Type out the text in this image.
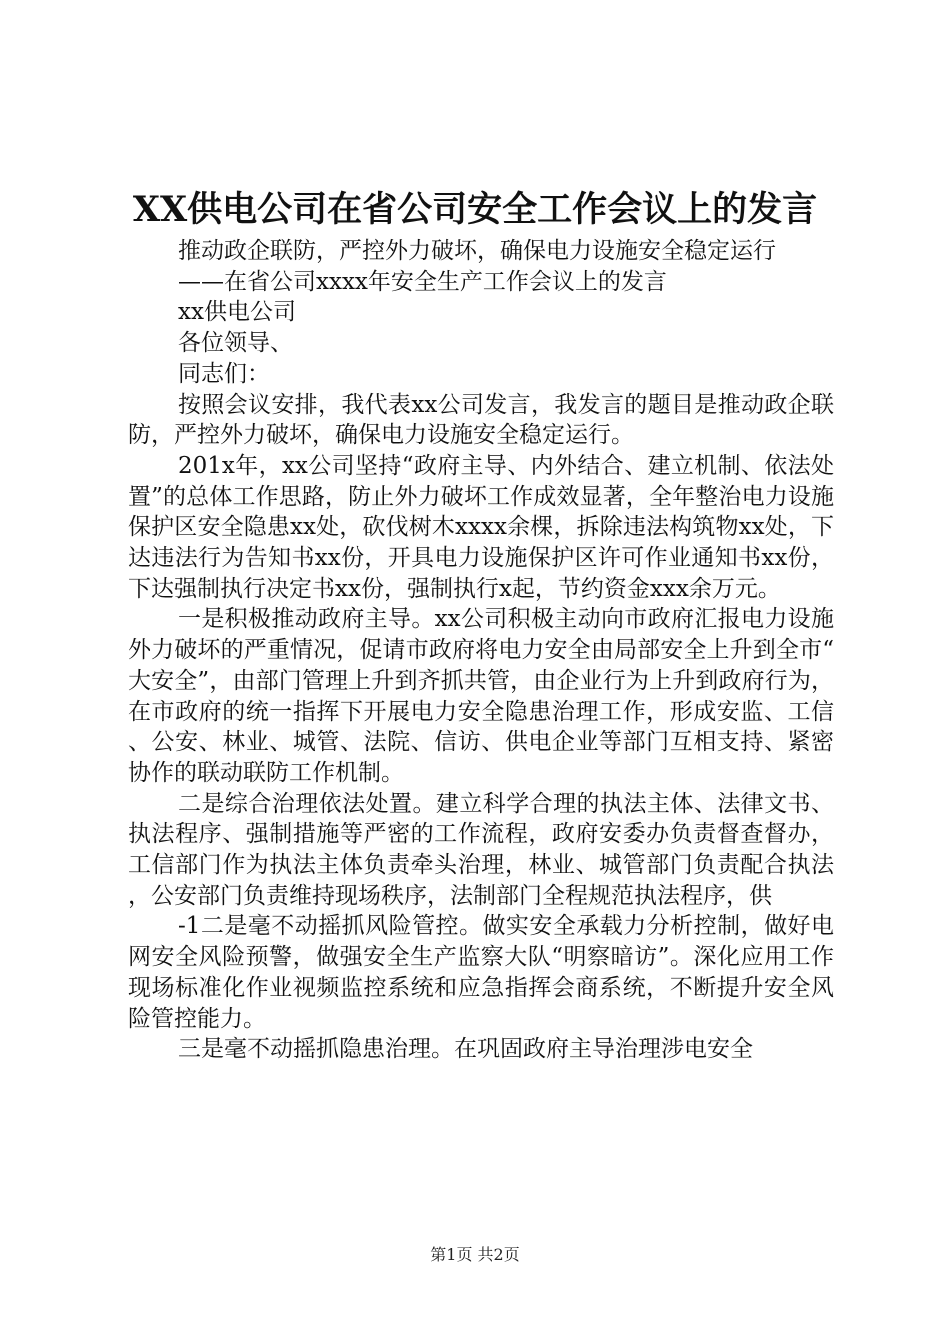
XX供电公司在省公司安全工作会议上的发言

推动政企联防，严控外力破坏，确保电力设施安全稳定运行

——在省公司xxxx年安全生产工作会议上的发言

xx供电公司

各位领导、

同志们：

按照会议安排，我代表xx公司发言，我发言的题目是推动政企联防，严控外力破坏，确保电力设施安全稳定运行。

201x年，xx公司坚持“政府主导、内外结合、建立机制、依法处置”的总体工作思路，防止外力破坏工作成效显著，全年整治电力设施保护区安全隐患xx处，砍伐树木xxxx余棵，拆除违法构筑物xx处，下达违法行为告知书xx份，开具电力设施保护区许可作业通知书xx份，下达强制执行决定书xx份，强制执行x起，节约资金xxx余万元。

一是积极推动政府主导。xx公司积极主动向市政府汇报电力设施外力破坏的严重情况，促请市政府将电力安全由局部安全上升到全市“大安全”，由部门管理上升到齐抓共管，由企业行为上升到政府行为，在市政府的统一指挥下开展电力安全隐患治理工作，形成安监、工信、公安、林业、城管、法院、信访、供电企业等部门互相支持、紧密协作的联动联防工作机制。

二是综合治理依法处置。建立科学合理的执法主体、法律文书、执法程序、强制措施等严密的工作流程，政府安委办负责督查督办，工信部门作为执法主体负责牵头治理，林业、城管部门负责配合执法，公安部门负责维持现场秩序，法制部门全程规范执法程序，供

-1二是毫不动摇抓风险管控。做实安全承载力分析控制，做好电网安全风险预警，做强安全生产监察大队“明察暗访”。深化应用工作现场标准化作业视频监控系统和应急指挥会商系统，不断提升安全风险管控能力。

三是毫不动摇抓隐患治理。在巩固政府主导治理涉电安全

第1页 共2页
